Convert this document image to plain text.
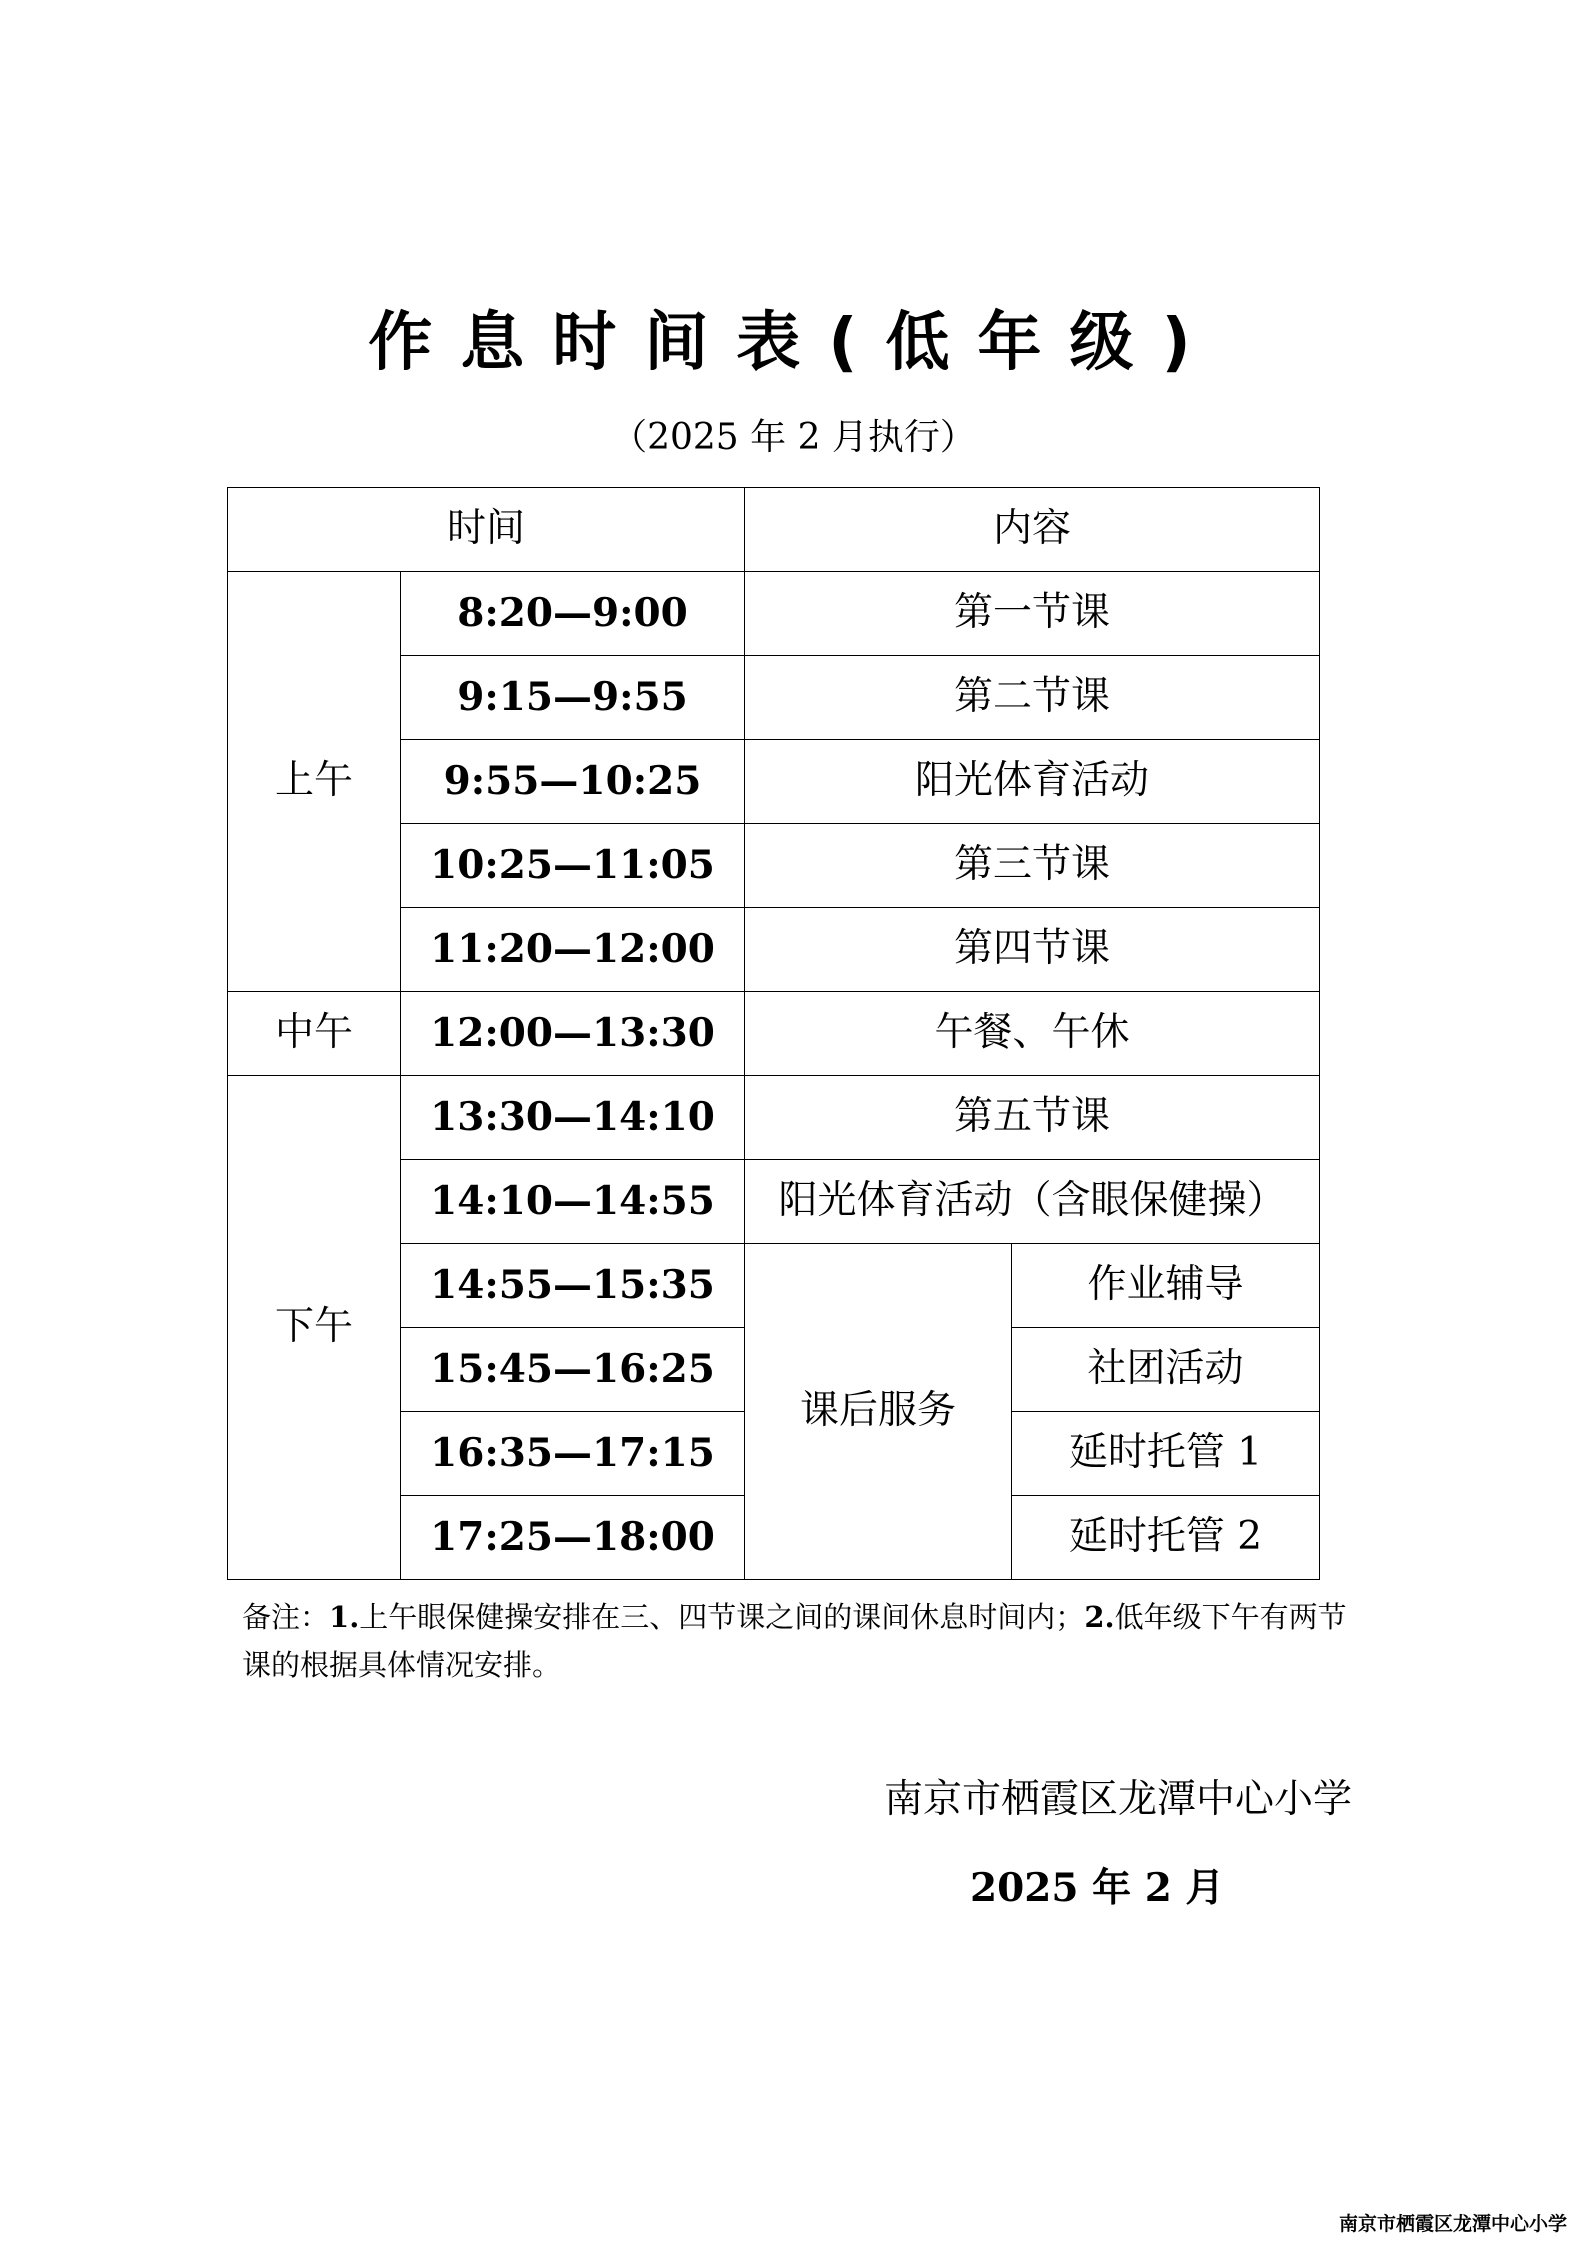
作息时间表(低年级)
（2025 年 2 月执行）
时间		内容	
上午	8:20—9:00	第一节课	
	9:15—9:55	第二节课	
	9:55—10:25	阳光体育活动	
	10:25—11:05	第三节课	
	11:20—12:00	第四节课	
中午	12:00—13:30	午餐、午休	
下午	13:30—14:10	第五节课	
	14:10—14:55	阳光体育活动（含眼保健操）	
	14:55—15:35	课后服务	作业辅导
	15:45—16:25		社团活动
	16:35—17:15		延时托管 1
	17:25—18:00		延时托管 2
备注：1.上午眼保健操安排在三、四节课之间的课间休息时间内；2.低年级下午有两节课的根据具体情况安排。
南京市栖霞区龙潭中心小学
2025 年 2 月
南京市栖霞区龙潭中心小学
